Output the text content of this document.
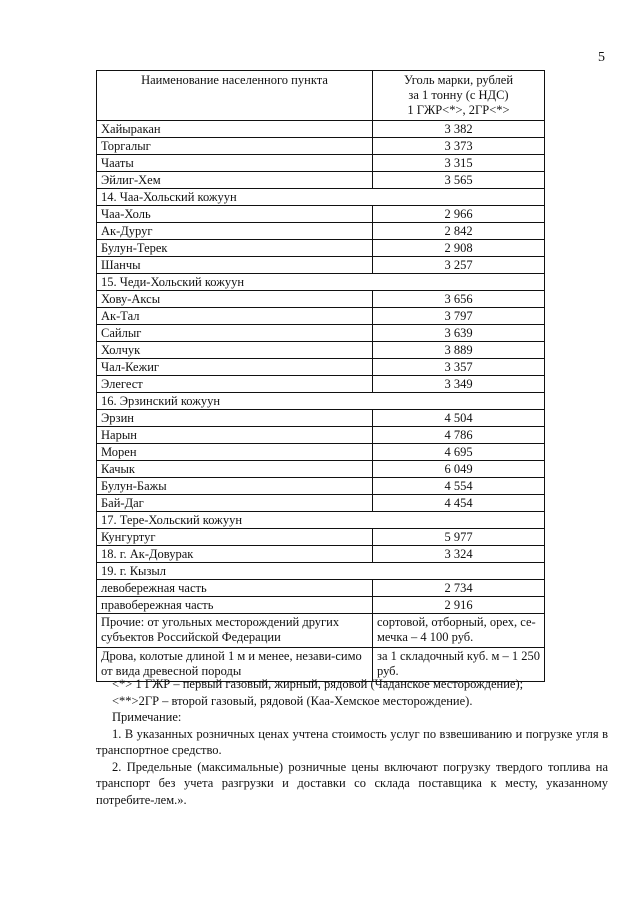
5
Наименование населенного пункта	Уголь марки, рублей
за 1 тонну (с НДС)
1 ГЖР<*>, 2ГР<*>

Хайыракан	3 382
Торгалыг	3 373
Чааты	3 315
Эйлиг-Хем	3 565
14. Чаа-Хольский кожуун	
Чаа-Холь	2 966
Ак-Дуруг	2 842
Булун-Терек	2 908
Шанчы	3 257
15. Чеди-Хольский кожуун	
Хову-Аксы	3 656
Ак-Тал	3 797
Сайлыг	3 639
Холчук	3 889
Чал-Кежиг	3 357
Элегест	3 349
16. Эрзинский кожуун	
Эрзин	4 504
Нарын	4 786
Морен	4 695
Качык	6 049
Булун-Бажы	4 554
Бай-Даг	4 454
17. Тере-Хольский кожуун	
Кунгуртуг	5 977
18. г. Ак-Довурак	3 324
19. г. Кызыл	
левобережная часть	2 734
правобережная часть	2 916
Прочие: от угольных месторождений других субъектов Российской Федерации	сортовой, отборный, орех, се-мечка – 4 100 руб.
Дрова, колотые длиной 1 м и менее, незави-симо от вида древесной породы	за 1 складочный куб. м – 1 250 руб.

<*> 1 ГЖР – первый газовый, жирный, рядовой (Чаданское месторождение);

<**>2ГР – второй газовый, рядовой (Каа-Хемское месторождение).

Примечание:

1. В указанных розничных ценах учтена стоимость услуг по взвешиванию и погрузке угля в транспортное средство.

2. Предельные (максимальные) розничные цены включают погрузку твердого топлива на транспорт без учета разгрузки и доставки со склада поставщика к месту, указанному потребите-лем.».
